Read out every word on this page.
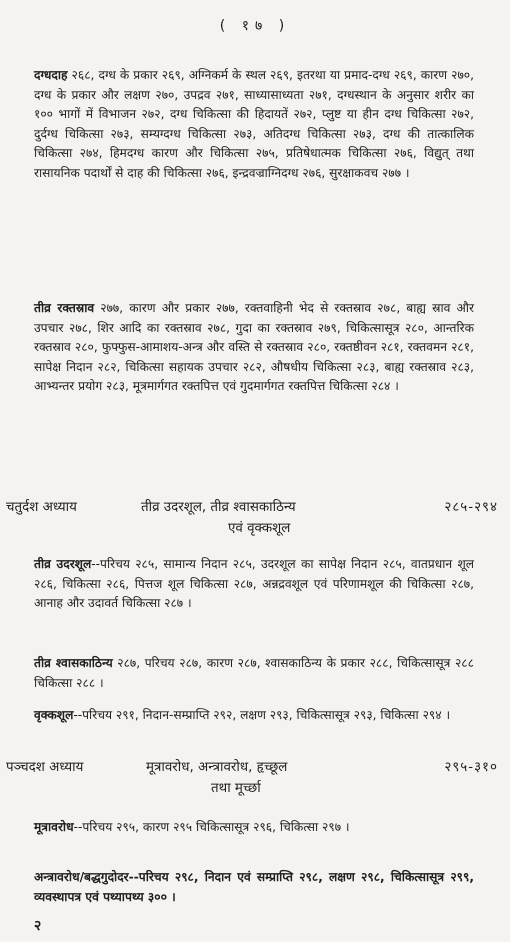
( १७ )

दग्धदाह २६८, दग्ध के प्रकार २६९, अग्निकर्म के स्थल २६९, इतरथा या प्रमाद-दग्ध २६९, कारण २७०, दग्ध के प्रकार और लक्षण २७०, उपद्रव २७१, साध्यासाध्यता २७१, दग्धस्थान के अनुसार शरीर का १०० भागों में विभाजन २७२, दग्ध चिकित्सा की हिदायतें २७२, प्लुष्ट या हीन दग्ध चिकित्सा २७२, दुर्दग्ध चिकित्सा २७३, सम्यग्दग्ध चिकित्सा २७३, अतिदग्ध चिकित्सा २७३, दग्ध की तात्कालिक चिकित्सा २७४, हिमदग्ध कारण और चिकित्सा २७५, प्रतिषेधात्मक चिकित्सा २७६, विद्युत् तथा रासायनिक पदार्थों से दाह की चिकित्सा २७६, इन्द्रवज्राग्निदग्ध २७६, सुरक्षाकवच २७७ ।

तीव्र रक्तस्राव २७७, कारण और प्रकार २७७, रक्तवाहिनी भेद से रक्तस्राव २७८, बाह्य स्राव और उपचार २७८, शिर आदि का रक्तस्राव २७८, गुदा का रक्तस्राव २७९, चिकित्सासूत्र २८०, आन्तरिक रक्तस्राव २८०, फुफ्फुस-आमाशय-अन्त्र और वस्ति से रक्तस्राव २८०, रक्तष्ठीवन २८१, रक्तवमन २८१, सापेक्ष निदान २८२, चिकित्सा सहायक उपचार २८२, औषधीय चिकित्सा २८३, बाह्य रक्तस्राव २८३, आभ्यन्तर प्रयोग २८३, मूत्रमार्गगत रक्तपित्त एवं गुदमार्गगत रक्तपित्त चिकित्सा २८४ ।

चतुर्दश अध्याय	तीव्र उदरशूल, तीव्र श्वासकाठिन्य	२८५-२९४
एवं वृक्कशूल

तीव्र उदरशूल--परिचय २८५, सामान्य निदान २८५, उदरशूल का सापेक्ष निदान २८५, वातप्रधान शूल २८६, चिकित्सा २८६, पित्तज शूल चिकित्सा २८७, अन्नद्रवशूल एवं परिणामशूल की चिकित्सा २८७, आनाह और उदावर्त चिकित्सा २८७ ।

तीव्र श्वासकाठिन्य २८७, परिचय २८७, कारण २८७, श्वासकाठिन्य के प्रकार २८८, चिकित्सासूत्र २८८ चिकित्सा २८८ ।

वृक्कशूल--परिचय २९१, निदान-सम्प्राप्ति २९२, लक्षण २९३, चिकित्सासूत्र २९३, चिकित्सा २९४ ।

पञ्चदश अध्याय	मूत्रावरोध, अन्त्रावरोध, हृच्छूल	२९५-३१०
तथा मूर्च्छा

मूत्रावरोध--परिचय २९५, कारण २९५ चिकित्सासूत्र २९६, चिकित्सा २९७ ।

अन्त्रावरोध/बद्धगुदोदर--परिचय २९८, निदान एवं सम्प्राप्ति २९८, लक्षण २९८, चिकित्सासूत्र २९९, व्यवस्थापत्र एवं पथ्यापथ्य ३०० ।

२
